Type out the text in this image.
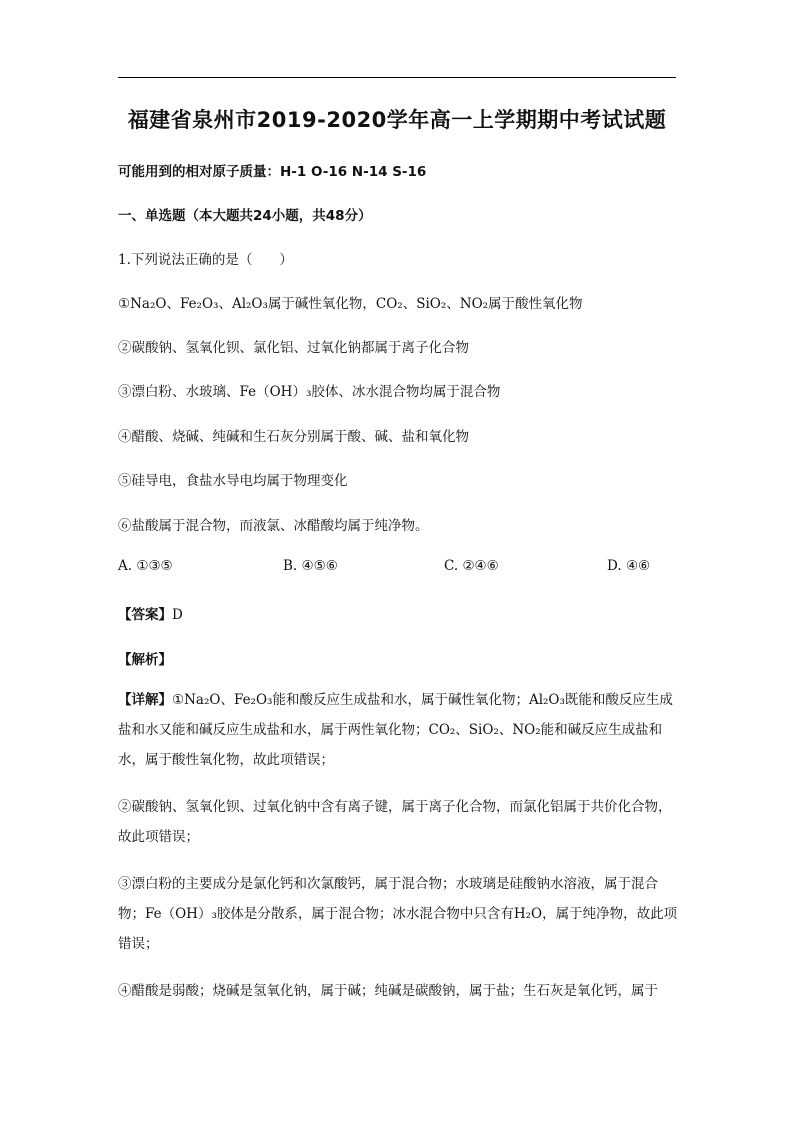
福建省泉州市2019-2020学年高一上学期期中考试试题
可能用到的相对原子质量：H-1 O-16 N-14 S-16
一、单选题（本大题共24小题，共48分）
1.下列说法正确的是（　　）
①Na₂O、Fe₂O₃、Al₂O₃属于碱性氧化物，CO₂、SiO₂、NO₂属于酸性氧化物
②碳酸钠、氢氧化钡、氯化铝、过氧化钠都属于离子化合物
③漂白粉、水玻璃、Fe（OH）₃胶体、冰水混合物均属于混合物
④醋酸、烧碱、纯碱和生石灰分别属于酸、碱、盐和氧化物
⑤硅导电，食盐水导电均属于物理变化
⑥盐酸属于混合物，而液氯、冰醋酸均属于纯净物。
A. ①③⑤	B. ④⑤⑥	C. ②④⑥	D. ④⑥
【答案】D
【解析】
【详解】①Na₂O、Fe₂O₃能和酸反应生成盐和水，属于碱性氧化物；Al₂O₃既能和酸反应生成盐和水又能和碱反应生成盐和水，属于两性氧化物；CO₂、SiO₂、NO₂能和碱反应生成盐和水，属于酸性氧化物，故此项错误；
②碳酸钠、氢氧化钡、过氧化钠中含有离子键，属于离子化合物，而氯化铝属于共价化合物，故此项错误；
③漂白粉的主要成分是氯化钙和次氯酸钙，属于混合物；水玻璃是硅酸钠水溶液，属于混合物；Fe（OH）₃胶体是分散系，属于混合物；冰水混合物中只含有H₂O，属于纯净物，故此项错误；
④醋酸是弱酸；烧碱是氢氧化钠，属于碱；纯碱是碳酸钠，属于盐；生石灰是氧化钙，属于
